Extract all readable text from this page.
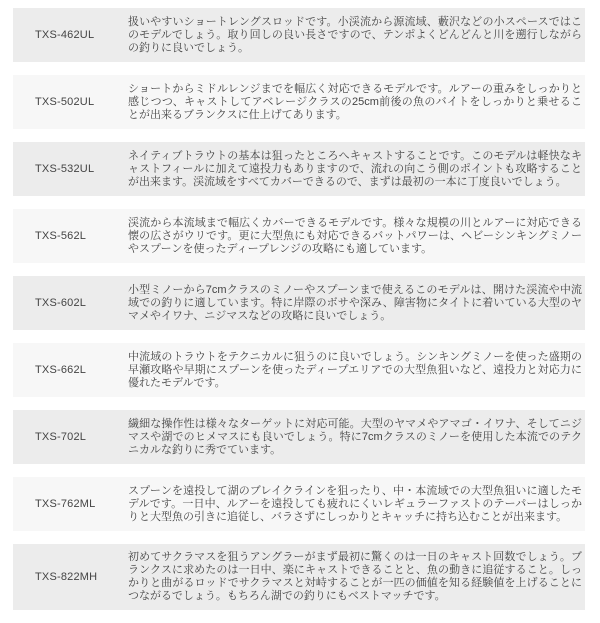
TXS-462UL
扱いやすいショートレングスロッドです。小渓流から源流域、藪沢などの小スペースではこのモデルでしょう。取り回しの良い長さですので、テンポよくどんどんと川を遡行しながらの釣りに良いでしょう。
TXS-502UL
ショートからミドルレンジまでを幅広く対応できるモデルです。ルアーの重みをしっかりと感じつつ、キャストしてアベレージクラスの25cm前後の魚のバイトをしっかりと乗せることが出来るブランクスに仕上げてあります。
TXS-532UL
ネイティブトラウトの基本は狙ったところへキャストすることです。このモデルは軽快なキャストフィールに加えて遠投力もありますので、流れの向こう側のポイントも攻略することが出来ます。渓流域をすべてカバーできるので、まずは最初の一本に丁度良いでしょう。
TXS-562L
渓流から本流域まで幅広くカバーできるモデルです。様々な規模の川とルアーに対応できる懐の広さがウリです。更に大型魚にも対応できるバットパワーは、ヘビーシンキングミノーやスプーンを使ったディープレンジの攻略にも適しています。
TXS-602L
小型ミノーから7cmクラスのミノーやスプーンまで使えるこのモデルは、開けた渓流や中流域での釣りに適しています。特に岸際のボサや深み、障害物にタイトに着いている大型のヤマメやイワナ、ニジマスなどの攻略に良いでしょう。
TXS-662L
中流域のトラウトをテクニカルに狙うのに良いでしょう。シンキングミノーを使った盛期の早瀬攻略や早期にスプーンを使ったディープエリアでの大型魚狙いなど、遠投力と対応力に優れたモデルです。
TXS-702L
繊細な操作性は様々なターゲットに対応可能。大型のヤマメやアマゴ・イワナ、そしてニジマスや湖でのヒメマスにも良いでしょう。特に7cmクラスのミノーを使用した本流でのテクニカルな釣りに秀でています。
TXS-762ML
スプーンを遠投して湖のブレイクラインを狙ったり、中・本流域での大型魚狙いに適したモデルです。一日中、ルアーを遠投しても疲れにくいレギュラーファストのテーパーはしっかりと大型魚の引きに追従し、バラさずにしっかりとキャッチに持ち込むことが出来ます。
TXS-822MH
初めてサクラマスを狙うアングラーがまず最初に驚くのは一日のキャスト回数でしょう。ブランクスに求めたのは一日中、楽にキャストできることと、魚の動きに追従すること。しっかりと曲がるロッドでサクラマスと対峙することが一匹の価値を知る経験値を上げることにつながるでしょう。もちろん湖での釣りにもベストマッチです。
